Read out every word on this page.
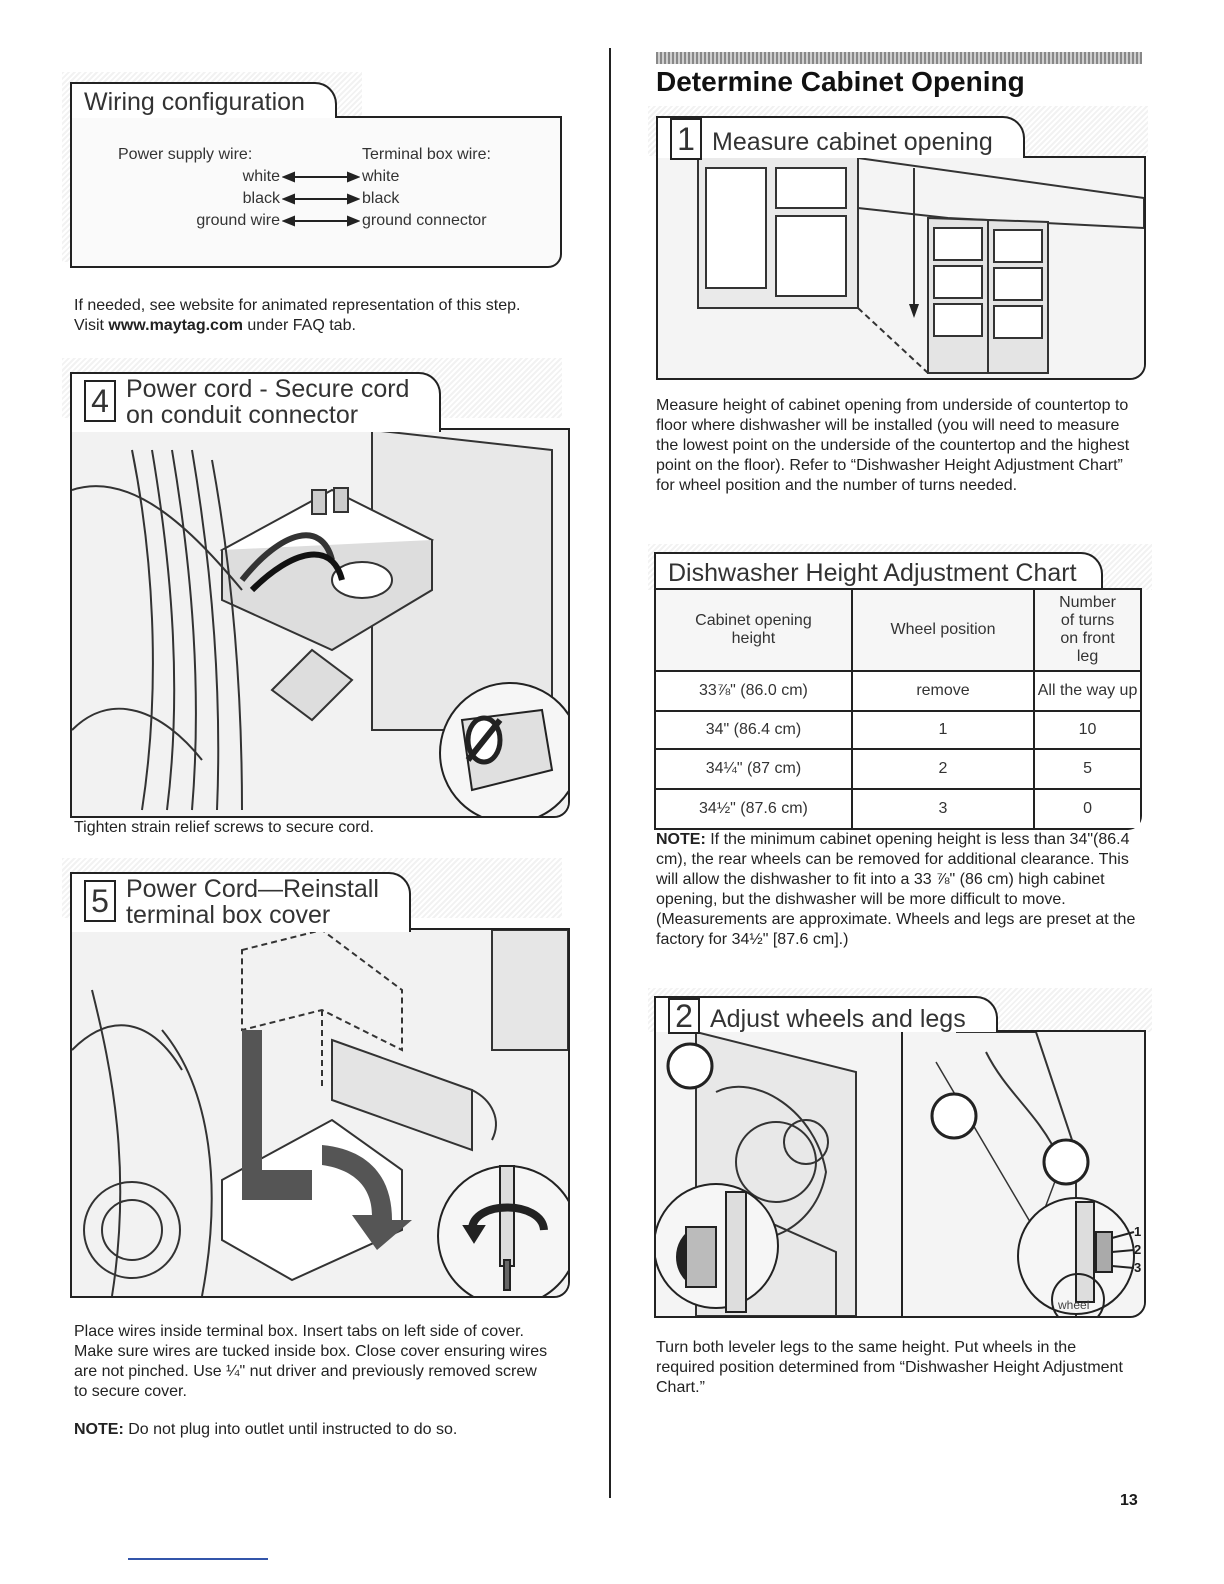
Wiring configuration
Power supply wire:	Terminal box wire:
white	white
black	black
ground wire	ground connector
If needed, see website for animated representation of this step. Visit www.maytag.com under FAQ tab.
4 Power cord - Secure cord
on conduit connector
Tighten strain relief screws to secure cord.
5 Power Cord—Reinstall
terminal box cover
Place wires inside terminal box. Insert tabs on left side of cover. Make sure wires are tucked inside box. Close cover ensuring wires are not pinched. Use ¼" nut driver and previously removed screw to secure cover.
NOTE: Do not plug into outlet until instructed to do so.
Determine Cabinet Opening
1 Measure cabinet opening
Measure height of cabinet opening from underside of countertop to floor where dishwasher will be installed (you will need to measure the lowest point on the underside of the countertop and the highest point on the floor). Refer to “Dishwasher Height Adjustment Chart” for wheel position and the number of turns needed.
Dishwasher Height Adjustment Chart
Cabinet opening height	Wheel position	Number of turns on front leg
33⅞" (86.0 cm)	remove	All the way up
34" (86.4 cm)	1	10
34¼" (87 cm)	2	5
34½" (87.6 cm)	3	0
NOTE: If the minimum cabinet opening height is less than 34"(86.4 cm), the rear wheels can be removed for additional clearance. This will allow the dishwasher to fit into a 33 ⅞" (86 cm) high cabinet opening, but the dishwasher will be more difficult to move. (Measurements are approximate. Wheels and legs are preset at the factory for 34½" [87.6 cm].)
1
2
3
wheel
2 Adjust wheels and legs
Turn both leveler legs to the same height. Put wheels in the required position determined from “Dishwasher Height Adjustment Chart.”
13
